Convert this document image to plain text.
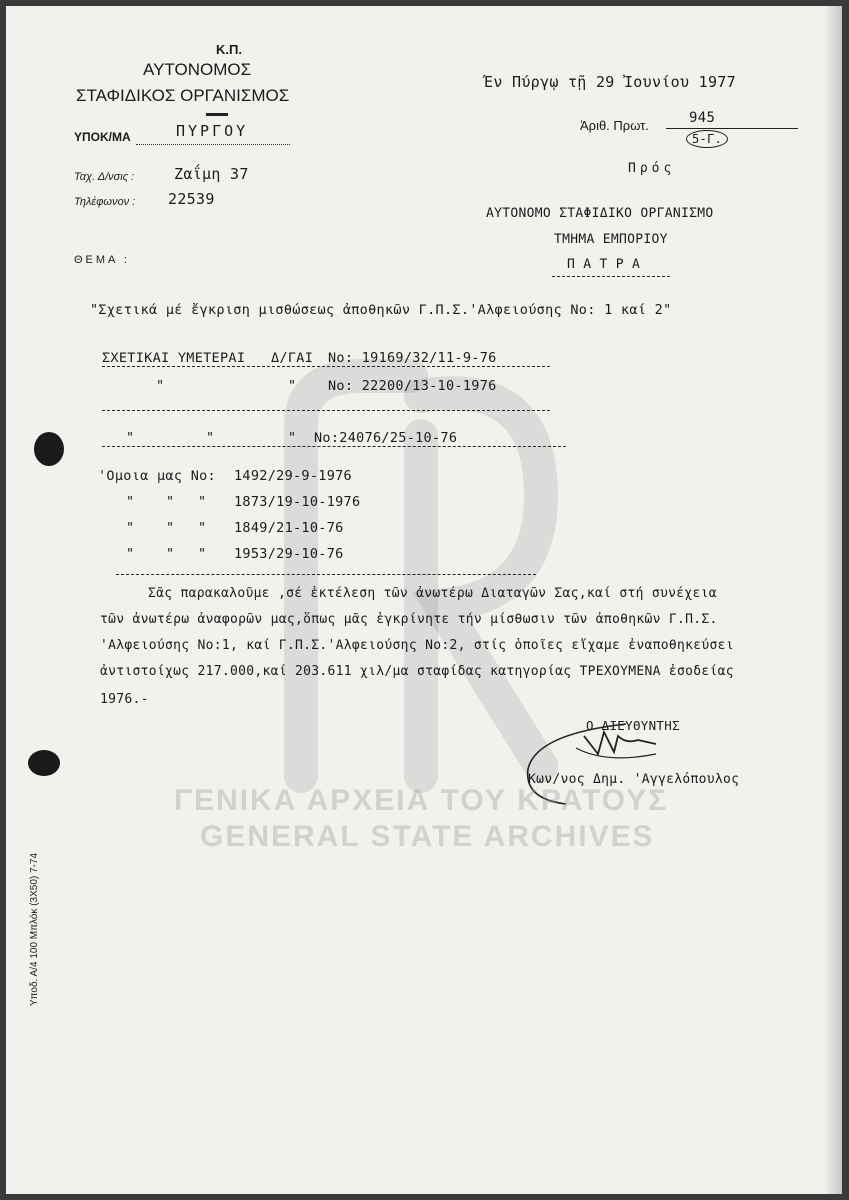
Κ.Π.
ΑΥΤΟΝΟΜΟΣ
ΣΤΑΦΙΔΙΚΟΣ ΟΡΓΑΝΙΣΜΟΣ
ΥΠΟΚ/ΜΑ	ΠΥΡΓΟΥ
Ταχ. Δ/νσις :	Ζαΐμη 37
Τηλέφωνον : 22539
ΘΕΜΑ :
Έν Πύργῳ τῇ 29 Ἰουνίου 1977
Ἀριθ. Πρωτ.	945
5-Γ.
Πρός
ΑΥΤΟΝΟΜΟ ΣΤΑΦΙΔΙΚΟ ΟΡΓΑΝΙΣΜΟ
ΤΜΗΜΑ ΕΜΠΟΡΙΟΥ
Π Α Τ Ρ Α
"Σχετικά μέ ἔγκριση μισθώσεως ἀποθηκῶν Γ.Π.Σ.'Αλφειούσης Νο: 1 καί 2"
ΣΧΕΤΙΚΑΙ ΥΜΕΤΕΡΑΙ Δ/ΓΑΙ Νο: 19169/32/11-9-76
"	" Νο: 22200/13-10-1976
"	"	" Νο:24076/25-10-76
'Ομοια μας Νο: 1492/29-9-1976
" " " 1873/19-10-1976
" " " 1849/21-10-76
" " " 1953/29-10-76
Σᾶς παρακαλοῦμε ,σέ ἐκτέλεση τῶν ἀνωτέρω Διαταγῶν Σας,καί στή συνέχεια
τῶν ἀνωτέρω ἀναφορῶν μας,ὅπως μᾶς ἐγκρίνητε τήν μίσθωσιν τῶν ἀποθηκῶν Γ.Π.Σ.
'Αλφειούσης Νο:1, καί Γ.Π.Σ.'Αλφειούσης Νο:2, στίς ὁποῖες εἴχαμε ἐναποθηκεύσει
ἀντιστοίχως 217.000,καί 203.611 χιλ/μα σταφίδας κατηγορίας ΤΡΕΧΟΥΜΕΝΑ ἐσοδείας
1976.-
Ο ΔΙΕΥΘΥΝΤΗΣ
Κων/νος Δημ. 'Αγγελόπουλος
ΓΕΝΙΚΑ ΑΡΧΕΙΑ ΤΟΥ ΚΡΑΤΟΥΣ
GENERAL STATE ARCHIVES
Υποδ. Α/4 100 Μπλόκ (3Χ50) 7-74
